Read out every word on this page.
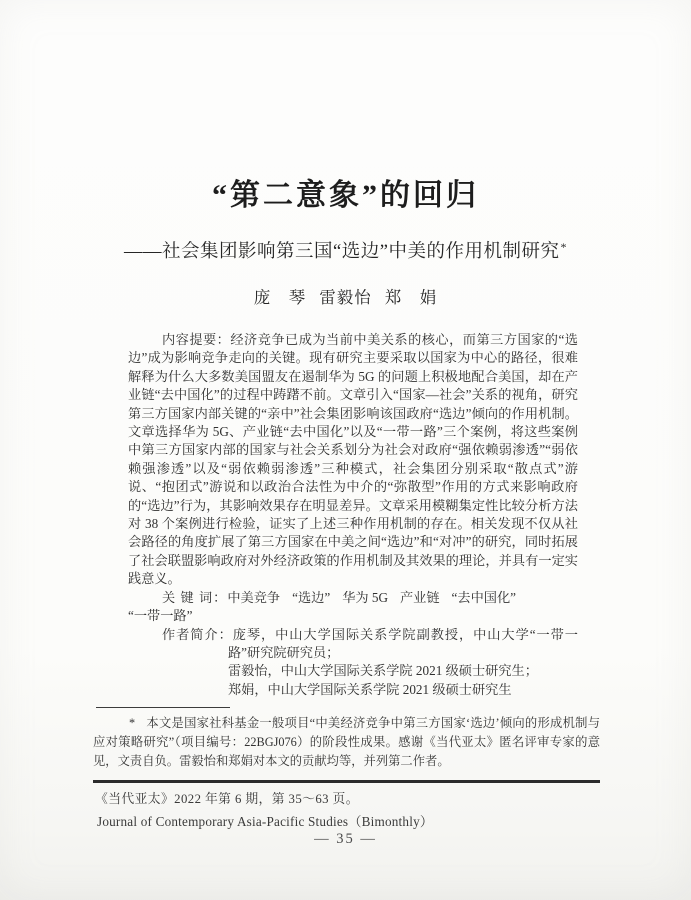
“第二意象”的回归
——社会集团影响第三国“选边”中美的作用机制研究*
庞　琴 雷毅怡 郑　娟

内容提要：经济竞争已成为当前中美关系的核心，而第三方国家的“选边”成为影响竞争走向的关键。现有研究主要采取以国家为中心的路径，很难解释为什么大多数美国盟友在遏制华为 5G 的问题上积极地配合美国，却在产业链“去中国化”的过程中踌躇不前。文章引入“国家—社会”关系的视角，研究第三方国家内部关键的“亲中”社会集团影响该国政府“选边”倾向的作用机制。文章选择华为 5G、产业链“去中国化”以及“一带一路”三个案例，将这些案例中第三方国家内部的国家与社会关系划分为社会对政府“强依赖弱渗透”“弱依赖强渗透”以及“弱依赖弱渗透”三种模式，社会集团分别采取“散点式”游说、“抱团式”游说和以政治合法性为中介的“弥散型”作用的方式来影响政府的“选边”行为，其影响效果存在明显差异。文章采用模糊集定性比较分析方法对 38 个案例进行检验，证实了上述三种作用机制的存在。相关发现不仅从社会路径的角度扩展了第三方国家在中美之间“选边”和“对冲”的研究，同时拓展了社会联盟影响政府对外经济政策的作用机制及其效果的理论，并具有一定实践意义。

关 键 词：中美竞争 “选边” 华为 5G 产业链 “去中国化”

“一带一路”

作者简介：庞琴，中山大学国际关系学院副教授，中山大学“一带一路”研究院研究员；

雷毅怡，中山大学国际关系学院 2021 级硕士研究生；

郑娟，中山大学国际关系学院 2021 级硕士研究生

* 本文是国家社科基金一般项目“中美经济竞争中第三方国家‘选边’倾向的形成机制与应对策略研究”（项目编号：22BGJ076）的阶段性成果。感谢《当代亚太》匿名评审专家的意见，文责自负。雷毅怡和郑娟对本文的贡献均等，并列第二作者。

《当代亚太》2022 年第 6 期，第 35～63 页。
Journal of Contemporary Asia-Pacific Studies（Bimonthly）
— 35 —
